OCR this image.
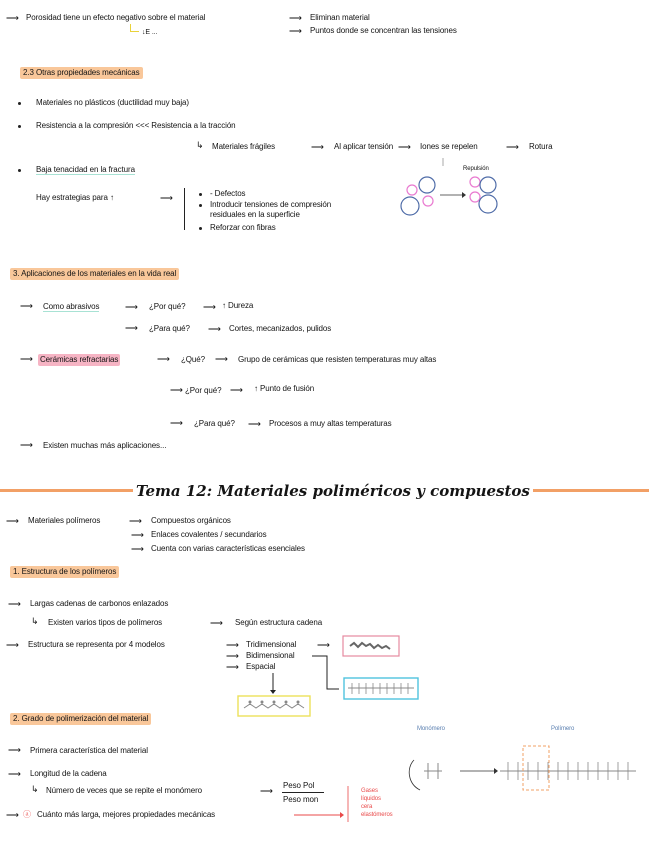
⟶ Porosidad tiene un efecto negativo sobre el material
↓E ...
⟶ Eliminan material
⟶ Puntos donde se concentran las tensiones
2.3 Otras propiedades mecánicas
Materiales no plásticos (ductilidad muy baja)
Resistencia a la compresión <<< Resistencia a la tracción
↳ Materiales frágiles	⟶ Al aplicar tensión ⟶ Iones se repelen	⟶ Rotura
Baja tenacidad en la fractura
Hay estrategias para ↑	⟶	- Defectos
Introducir tensiones de compresión
residuales en la superficie
Reforzar con fibras
Repulsión
3. Aplicaciones de los materiales en la vida real
⟶ Como abrasivos	⟶ ¿Por qué? ⟶ ↑ Dureza
⟶ ¿Para qué? ⟶ Cortes, mecanizados, pulidos
⟶ Cerámicas refractarias	⟶ ¿Qué? ⟶ Grupo de cerámicas que resisten temperaturas muy altas
⟶ ¿Por qué? ⟶ ↑ Punto de fusión
⟶ ¿Para qué? ⟶ Procesos a muy altas temperaturas
⟶ Existen muchas más aplicaciones...
Tema 12: Materiales poliméricos y compuestos
⟶ Materiales polímeros	⟶ Compuestos orgánicos
⟶ Enlaces covalentes / secundarios
⟶ Cuenta con varias características esenciales
1. Estructura de los polímeros
⟶ Largas cadenas de carbonos enlazados
↳ Existen varios tipos de polímeros	⟶ Según estructura cadena
⟶ Estructura se representa por 4 modelos	⟶ Tridimensional ⟶
⟶ Bidimensional
⟶ Espacial
2. Grado de polimerización del material
Monómero	Polímero
⟶ Primera característica del material
⟶ Longitud de la cadena
↳ Número de veces que se repite el monómero	⟶
Peso Pol
Peso mon
⟶ ⓐ Cuánto más larga, mejores propiedades mecánicas
Gases
líquidos
cera
elastómeros
